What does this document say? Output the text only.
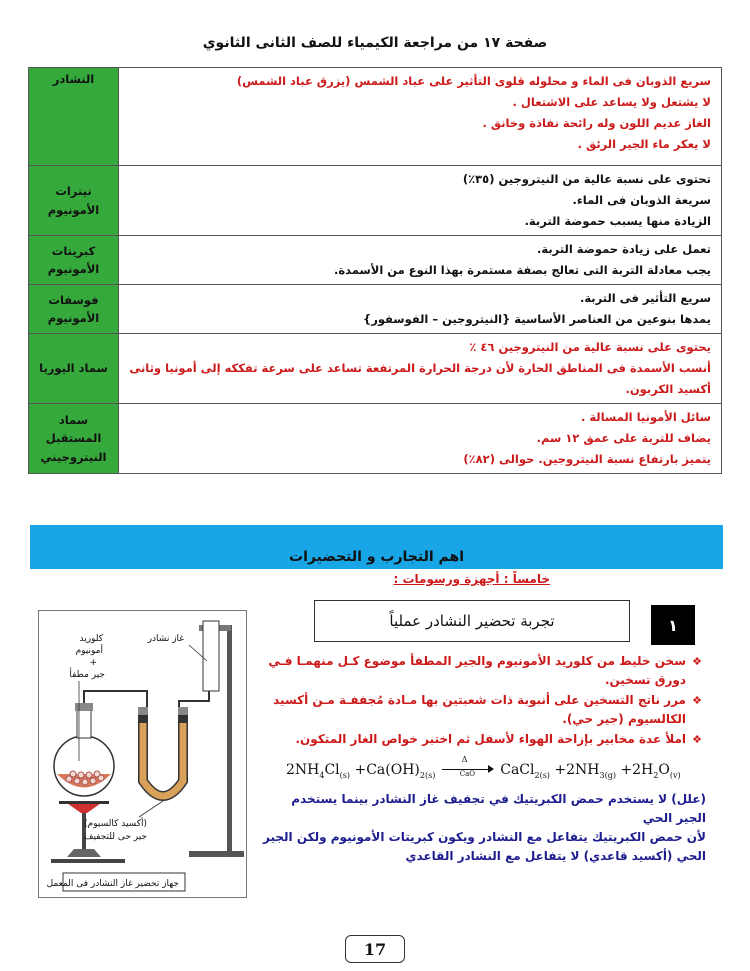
صفحة ١٧ من مراجعة الكيمياء للصف الثانى الثانوي
سريع الذوبان فى الماء و محلوله قلوى التأثير على عباد الشمس (يزرق عباد الشمس)
لا يشتعل ولا يساعد على الاشتعال .
الغاز عديم اللون وله رائحة نفاذة وخانق .
لا يعكر ماء الجير الرئق .	النشادر

تحتوى على نسبة عالية من النيتروجين (٣٥٪)
سريعة الذوبان فى الماء.
الزيادة منها يسبب حموضة التربة.	نيترات الأمونيوم

تعمل على زيادة حموضة التربة.
يجب معادلة التربة التى تعالج بصفة مستمرة بهذا النوع من الأسمدة.	كبريتات الأمونيوم

سريع التأثير فى التربة.
يمدها بنوعين من العناصر الأساسية {النيتروجين – الفوسفور}	فوسفات الأمونيوم

يحتوى على نسبة عالية من النيتروجين ٤٦ ٪
أنسب الأسمدة فى المناطق الحارة لأن درجة الحرارة المرتفعة تساعد على سرعة تفككه إلى أمونيا وثانى أكسيد الكربون.	سماد اليوريا

سائل الأمونيا المسالة .
يضاف للتربة على عمق ١٢ سم.
يتميز بارتفاع نسبة النيتروجين. حوالى (٨٢٪)	سماد المستقبل النيتروجيني
اهم التجارب و التحضيرات
خامساً : أجهزة ورسومات :
تجربة تحضير النشادر عملياً	١
❖
سخن خليط من كلوريد الأمونيوم والجير المطفأ موضوع كـل منهمـا فـي دورق تسخين.
❖
مرر ناتج التسخين على أنبوبة ذات شعبتين بها مـادة مُجففـة مـن أكسيد الكالسيوم (جير حي).
❖
املأ عدة مخابير بإزاحة الهواء لأسفل ثم اختبر خواص الغاز المتكون.
$2NH_4Cl_{(s)} +Ca(OH)_{2(s)}$
Δ
CaO CaCl$_{2(s)}$ $+2NH_{3(g)} +2H_2O_{(v)}$
(علل) لا يستخدم حمض الكبريتيك في تجفيف غاز النشادر بينما يستخدم الجير الحي
لأن حمض الكبريتيك يتفاعل مع النشادر ويكون كبريتات الأمونيوم ولكن الجير الحي (أكسيد قاعدي) لا يتفاعل مع النشادر القاعدي
كلوريد
أمونيوم
+
جير مطفأ
غاز نشادر
(أكسيد كالسيوم)
جير حى للتجفيف
جهاز تحضير غاز النشادر فى المعمل
17
